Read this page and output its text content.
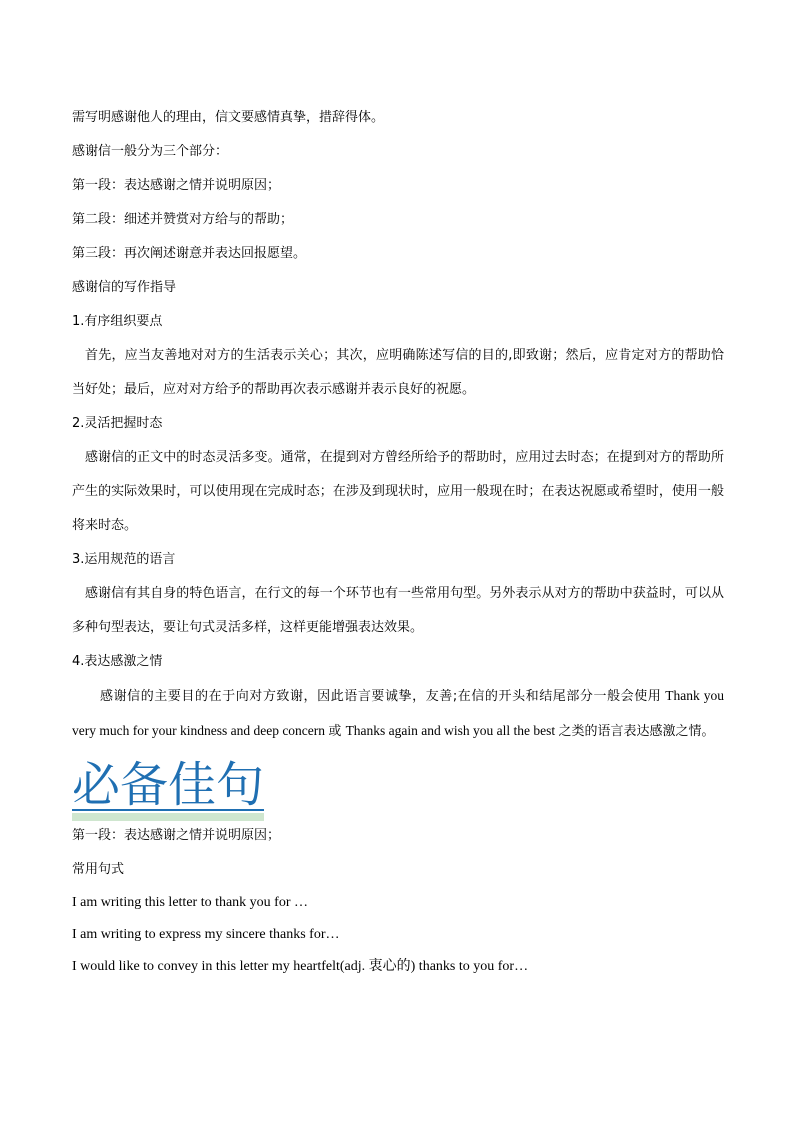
需写明感谢他人的理由，信文要感情真挚，措辞得体。
感谢信一般分为三个部分：
第一段：表达感谢之情并说明原因；
第二段：细述并赞赏对方给与的帮助；
第三段：再次阐述谢意并表达回报愿望。
感谢信的写作指导
1.有序组织要点

首先，应当友善地对对方的生活表示关心；其次，应明确陈述写信的目的,即致谢；然后，应肯定对方的帮助恰当好处；最后，应对对方给予的帮助再次表示感谢并表示良好的祝愿。

2.灵活把握时态

感谢信的正文中的时态灵活多变。通常，在提到对方曾经所给予的帮助时，应用过去时态；在提到对方的帮助所产生的实际效果时，可以使用现在完成时态；在涉及到现状时，应用一般现在时；在表达祝愿或希望时，使用一般将来时态。

3.运用规范的语言

感谢信有其自身的特色语言，在行文的每一个环节也有一些常用句型。另外表示从对方的帮助中获益时，可以从多种句型表达，要让句式灵活多样，这样更能增强表达效果。

4.表达感激之情

感谢信的主要目的在于向对方致谢，因此语言要诚挚，友善;在信的开头和结尾部分一般会使用 Thank you very much for your kindness and deep concern 或 Thanks again and wish you all the best 之类的语言表达感激之情。

必备佳句
第一段：表达感谢之情并说明原因；
常用句式
I am writing this letter to thank you for …
I am writing to express my sincere thanks for…
I would like to convey in this letter my heartfelt(adj. 衷心的) thanks to you for…
